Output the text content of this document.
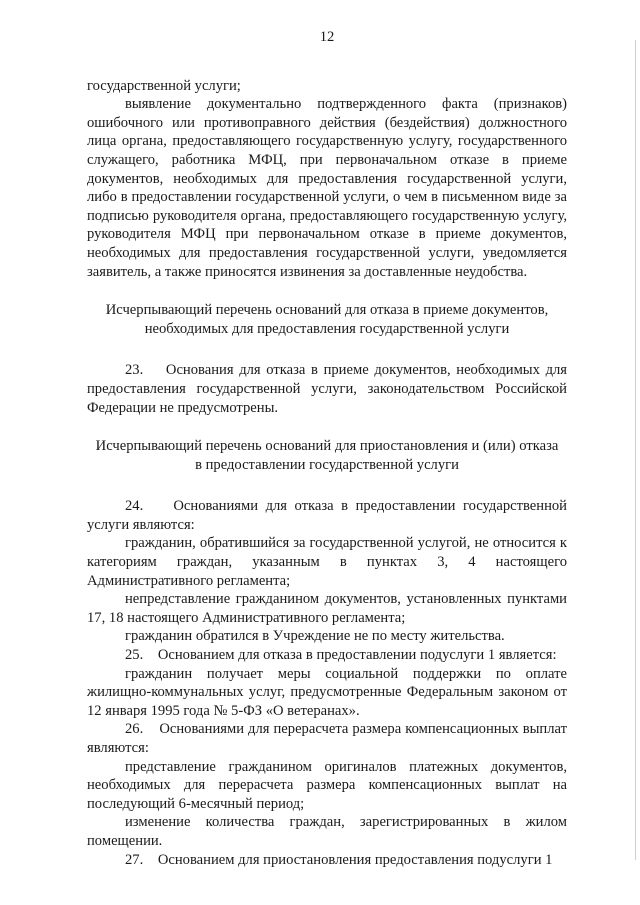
12

государственной услуги;

выявление документально подтвержденного факта (признаков) ошибочного или противоправного действия (бездействия) должностного лица органа, предоставляющего государственную услугу, государственного служащего, работника МФЦ, при первоначальном отказе в приеме документов, необходимых для предоставления государственной услуги, либо в предоставлении государственной услуги, о чем в письменном виде за подписью руководителя органа, предоставляющего государственную услугу, руководителя МФЦ при первоначальном отказе в приеме документов, необходимых для предоставления государственной услуги, уведомляется заявитель, а также приносятся извинения за доставленные неудобства.

Исчерпывающий перечень оснований для отказа в приеме документов,

необходимых для предоставления государственной услуги

23.    Основания для отказа в приеме документов, необходимых для предоставления государственной услуги, законодательством Российской Федерации не предусмотрены.

Исчерпывающий перечень оснований для приостановления и (или) отказа

в предоставлении государственной услуги

24.    Основаниями для отказа в предоставлении государственной услуги являются:

гражданин, обратившийся за государственной услугой, не относится к категориям граждан, указанным в пунктах 3, 4 настоящего Административного регламента;

непредставление гражданином документов, установленных пунктами 17, 18 настоящего Административного регламента;

гражданин обратился в Учреждение не по месту жительства.

25.    Основанием для отказа в предоставлении подуслуги 1 является:

гражданин получает меры социальной поддержки по оплате жилищно-коммунальных услуг, предусмотренные Федеральным законом от 12 января 1995 года № 5-ФЗ «О ветеранах».

26.    Основаниями для перерасчета размера компенсационных выплат являются:

представление гражданином оригиналов платежных документов, необходимых для перерасчета размера компенсационных выплат на последующий 6-месячный период;

изменение количества граждан, зарегистрированных в жилом помещении.

27.    Основанием для приостановления предоставления подуслуги 1
